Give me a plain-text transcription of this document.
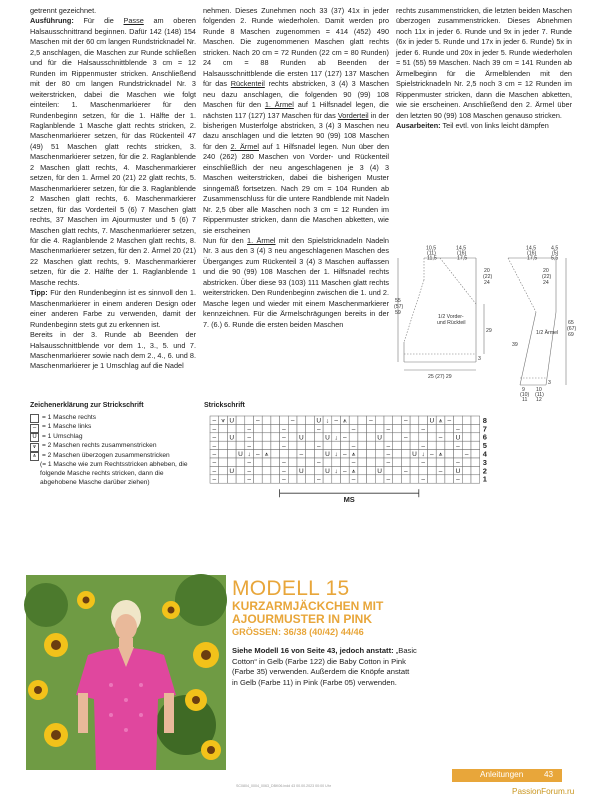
getrennt gezeichnet.

Ausführung: Für die Passe am oberen Halsausschnittrand beginnen. Dafür 142 (148) 154 Maschen mit der 60 cm langen Rundstricknadel Nr. 2,5 anschlagen, die Maschen zur Runde schließen und für die Halsausschnittblende 3 cm = 12 Runden im Rippenmuster stricken. Anschließend mit der 80 cm langen Rundstricknadel Nr. 3 weiterstricken, dabei die Maschen wie folgt einteilen: 1. Maschenmarkierer für den Rundenbeginn setzen, für die 1. Hälfte der 1. Raglanblende 1 Masche glatt rechts stricken, 2. Maschenmarkierer setzen, für das Rückenteil 47 (49) 51 Maschen glatt rechts stricken, 3. Maschenmarkierer setzen, für die 2. Raglanblende 2 Maschen glatt rechts, 4. Maschenmarkierer setzen, für den 1. Ärmel 20 (21) 22 glatt rechts, 5. Maschenmarkierer setzen, für die 3. Raglanblende 2 Maschen glatt rechts, 6. Maschenmarkierer setzen, für das Vorderteil 5 (6) 7 Maschen glatt rechts, 37 Maschen im Ajourmuster und 5 (6) 7 Maschen glatt rechts, 7. Maschenmarkierer setzen, für die 4. Raglanblende 2 Maschen glatt rechts, 8. Maschenmarkierer setzen, für den 2. Ärmel 20 (21) 22 Maschen glatt rechts, 9. Maschenmarkierer setzen, für die 2. Hälfte der 1. Raglanblende 1 Masche rechts.

Tipp: Für den Rundenbeginn ist es sinnvoll den 1. Maschenmarkierer in einem anderen Design oder einer anderen Farbe zu verwenden, damit der Rundenbeginn stets gut zu erkennen ist.

Bereits in der 3. Runde ab Beenden der Halsausschnittblende vor dem 1., 3., 5. und 7. Maschenmarkierer sowie nach dem 2., 4., 6. und 8. Maschenmarkierer je 1 Umschlag auf die Nadel

nehmen. Dieses Zunehmen noch 33 (37) 41x in jeder folgenden 2. Runde wiederholen. Damit werden pro Runde 8 Maschen zugenommen = 414 (452) 490 Maschen. Die zugenommenen Maschen glatt rechts stricken. Nach 20 cm = 72 Runden (22 cm = 80 Runden) 24 cm = 88 Runden ab Beenden der Halsausschnittblende die ersten 117 (127) 137 Maschen für das Rückenteil rechts abstricken, 3 (4) 3 Maschen neu dazu anschlagen, die folgenden 90 (99) 108 Maschen für den 1. Ärmel auf 1 Hilfsnadel legen, die nächsten 117 (127) 137 Maschen für das Vorderteil in der bisherigen Musterfolge abstricken, 3 (4) 3 Maschen neu dazu anschlagen und die letzten 90 (99) 108 Maschen für den 2. Ärmel auf 1 Hilfsnadel legen. Nun über den 240 (262) 280 Maschen von Vorder- und Rückenteil einschließlich der neu angeschlagenen je 3 (4) 3 Maschen weiterstricken, dabei die bisherigen Muster sinngemäß fortsetzen. Nach 29 cm = 104 Runden ab Zusammenschluss für die untere Randblende mit Nadeln Nr. 2,5 über alle Maschen noch 3 cm = 12 Runden im Rippenmuster stricken, dann die Maschen abketten, wie sie erscheinen

Nun für den 1. Ärmel mit den Spielstricknadeln Nadeln Nr. 3 aus den 3 (4) 3 neu angeschlagenen Maschen des Überganges zum Rückenteil 3 (4) 3 Maschen auffassen und die 90 (99) 108 Maschen der 1. Hilfsnadel rechts abstricken. Über diese 93 (103) 111 Maschen glatt rechts weiterstricken. Den Rundenbeginn zwischen die 1. und 2. Masche legen und wieder mit einem Maschenmarkierer kennzeichnen. Für die Ärmelschrägungen bereits in der 7. (6.) 6. Runde die ersten beiden Maschen

rechts zusammenstricken, die letzten beiden Maschen überzogen zusammenstricken. Dieses Abnehmen noch 11x in jeder 6. Runde und 9x in jeder 7. Runde (6x in jeder 5. Runde und 17x in jeder 6. Runde) 5x in jeder 6. Runde und 20x in jeder 5. Runde wiederholen = 51 (55) 59 Maschen. Nach 39 cm = 141 Runden ab Ärmelbeginn für die Ärmelblenden mit den Spielstricknadeln Nr. 2,5 noch 3 cm = 12 Runden im Rippenmuster stricken, dann die Maschen abketten, wie sie erscheinen. Anschließend den 2. Ärmel über den letzten 90 (99) 108 Maschen genauso stricken.

Ausarbeiten: Teil evtl. von links leicht dämpfen

10,5
(11)
11,5
14,5
(16)
17,5
20
(22)
24
55
(57)
59
29
1/2 Vorder-
und Rückteil
3
25 (27) 29
14,5
(16)
17,5
4,5
(5)
5,5
20
(22)
24
1/2 Ärmel
39
65
(67)
69
3
9
(10)
11
10
(11)
12
Zeichenerklärung zur Strickschrift
= 1 Masche rechts
– = 1 Masche links
U = 1 Umschlag
⩛ = 2 Maschen rechts zusammenstricken
⩚ = 2 Maschen überzogen zusammenstricken
(= 1 Masche wie zum Rechtsstricken abheben, die folgende Masche rechts stricken, dann die abgehobene Masche darüber ziehen)
Strickschrift
– ⩛ U	–	–	U ↓ – ⩚	–	–	U ⩚ –	8
–	–	–	–	–	–	–	–	7
– U –	– U	U ↓ –	U	–	– U	6
–	–	–	–	–	–	–	–	5
–	U ↓ – ⩚	–	U ↓ – ⩚	–	U ↓ – ⩚	– 4
–	–	–	–	–	–	–	–	3
– U –	– U	U ↓ – ⩚	U	–	– U	2
–	–	–	–	–	–	–	–	1
MS
MODELL 15
KURZARMJÄCKCHEN MIT
AJOURMUSTER IN PINK
GRÖSSEN: 36/38 (40/42) 44/46
Siehe Modell 16 von Seite 43, jedoch anstatt: „Basic Cotton“ in Gelb (Farbe 122) die Baby Cotton in Pink (Farbe 35) verwenden. Außerdem die Knöpfe anstatt in Gelb (Farbe 11) in Pink (Farbe 05) verwenden.
Anleitungen	43
SC0804_0004_0063_DBK06.indd 43 00.00.2023 00:00 Uhr
PassionForum.ru
